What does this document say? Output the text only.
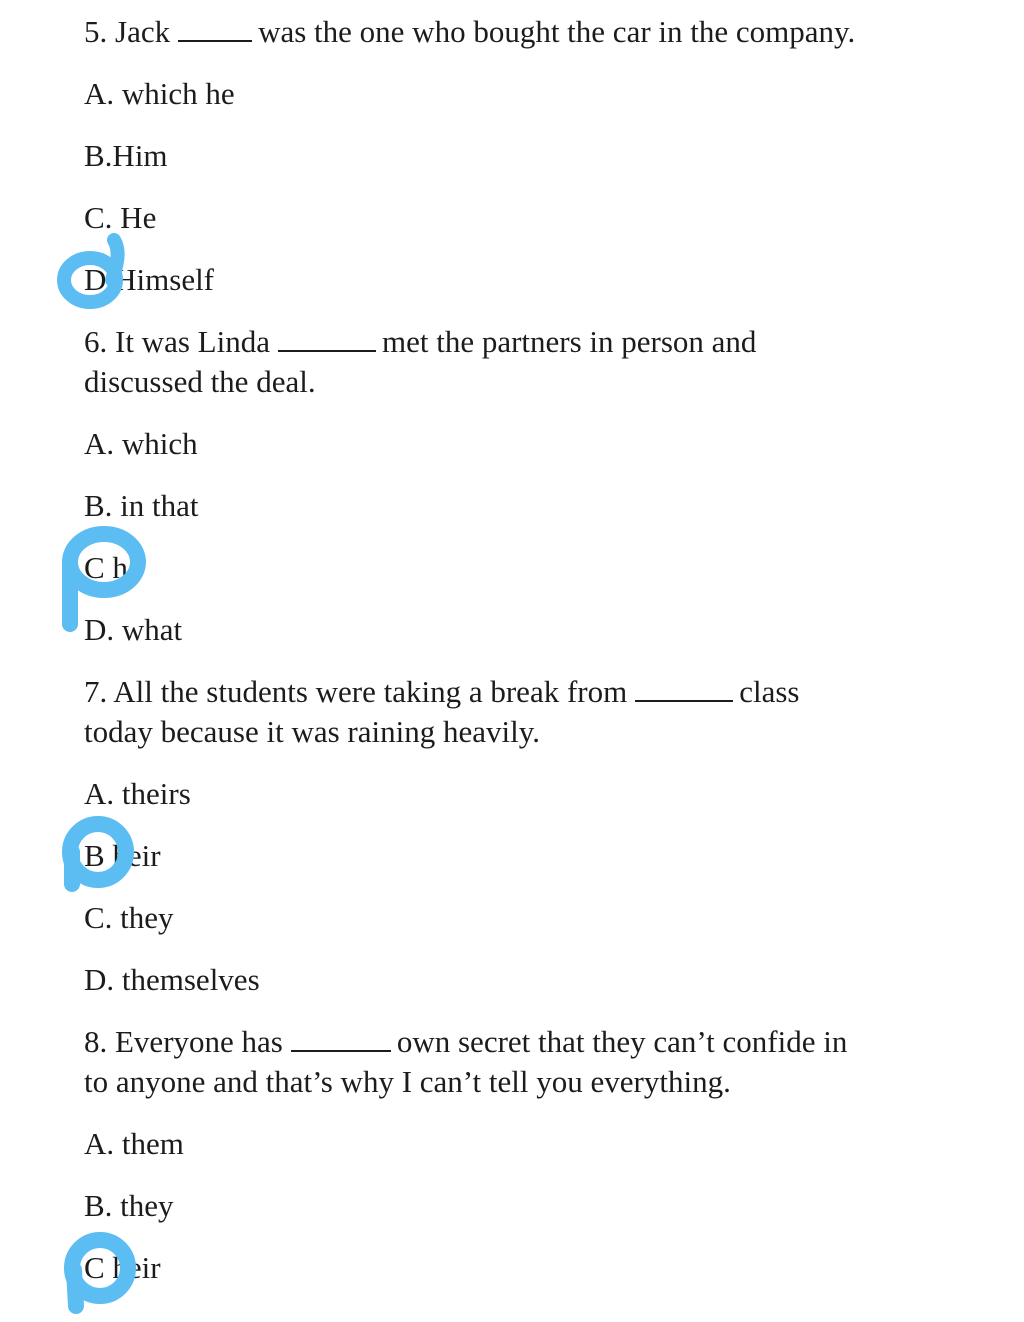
5. Jack	was the one who bought the car in the company.
A. which he
B.Him
C. He
D Himself
6. It was Linda	met the partners in person and
discussed the deal.
A. which
B. in that
C ho
D. what
7. All the students were taking a break from	class
today because it was raining heavily.
A. theirs
B heir
C. they
D. themselves
8. Everyone has	own secret that they can’t confide in
to anyone and that’s why I can’t tell you everything.
A. them
B. they
C heir
